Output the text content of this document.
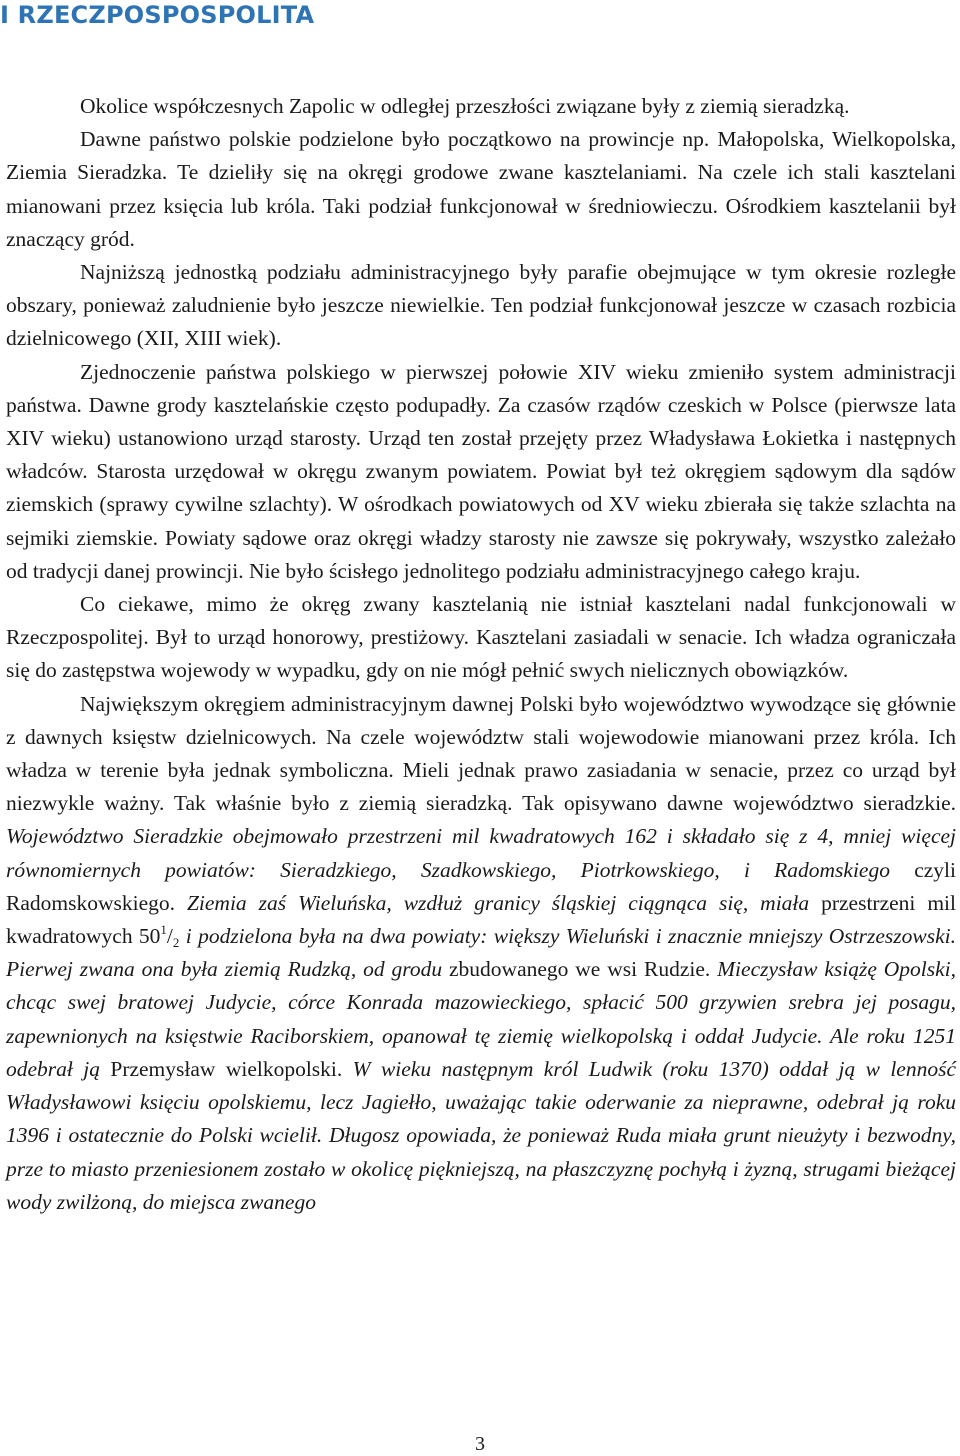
I RZECZPOSPOSPOLITA

Okolice współczesnych Zapolic w odległej przeszłości związane były z ziemią sieradzką.

Dawne państwo polskie podzielone było początkowo na prowincje np. Małopolska, Wielkopolska, Ziemia Sieradzka. Te dzieliły się na okręgi grodowe zwane kasztelaniami. Na czele ich stali kasztelani mianowani przez księcia lub króla. Taki podział funkcjonował w średniowieczu. Ośrodkiem kasztelanii był znaczący gród.

Najniższą jednostką podziału administracyjnego były parafie obejmujące w tym okresie rozległe obszary, ponieważ zaludnienie było jeszcze niewielkie. Ten podział funkcjonował jeszcze w czasach rozbicia dzielnicowego (XII, XIII wiek).

Zjednoczenie państwa polskiego w pierwszej połowie XIV wieku zmieniło system administracji państwa. Dawne grody kasztelańskie często podupadły. Za czasów rządów czeskich w Polsce (pierwsze lata XIV wieku) ustanowiono urząd starosty. Urząd ten został przejęty przez Władysława Łokietka i następnych władców. Starosta urzędował w okręgu zwanym powiatem. Powiat był też okręgiem sądowym dla sądów ziemskich (sprawy cywilne szlachty). W ośrodkach powiatowych od XV wieku zbierała się także szlachta na sejmiki ziemskie. Powiaty sądowe oraz okręgi władzy starosty nie zawsze się pokrywały, wszystko zależało od tradycji danej prowincji. Nie było ścisłego jednolitego podziału administracyjnego całego kraju.

Co ciekawe, mimo że okręg zwany kasztelanią nie istniał kasztelani nadal funkcjonowali w Rzeczpospolitej. Był to urząd honorowy, prestiżowy. Kasztelani zasiadali w senacie. Ich władza ograniczała się do zastępstwa wojewody w wypadku, gdy on nie mógł pełnić swych nielicznych obowiązków.

Największym okręgiem administracyjnym dawnej Polski było województwo wywodzące się głównie z dawnych księstw dzielnicowych. Na czele województw stali wojewodowie mianowani przez króla. Ich władza w terenie była jednak symboliczna. Mieli jednak prawo zasiadania w senacie, przez co urząd był niezwykle ważny. Tak właśnie było z ziemią sieradzką. Tak opisywano dawne województwo sieradzkie. Województwo Sieradzkie obejmowało przestrzeni mil kwadratowych 162 i składało się z 4, mniej więcej równomiernych powiatów: Sieradzkiego, Szadkowskiego, Piotrkowskiego, i Radomskiego czyli Radomskowskiego. Ziemia zaś Wieluńska, wzdłuż granicy śląskiej ciągnąca się, miała przestrzeni mil kwadratowych $50^1/_2$ i podzielona była na dwa powiaty: większy Wieluński i znacznie mniejszy Ostrzeszowski. Pierwej zwana ona była ziemią Rudzką, od grodu zbudowanego we wsi Rudzie. Mieczysław książę Opolski, chcąc swej bratowej Judycie, córce Konrada mazowieckiego, spłacić 500 grzywien srebra jej posagu, zapewnionych na księstwie Raciborskiem, opanował tę ziemię wielkopolską i oddał Judycie. Ale roku 1251 odebrał ją Przemysław wielkopolski. W wieku następnym król Ludwik (roku 1370) oddał ją w lenność Władysławowi księciu opolskiemu, lecz Jagiełło, uważając takie oderwanie za nieprawne, odebrał ją roku 1396 i ostatecznie do Polski wcielił. Długosz opowiada, że ponieważ Ruda miała grunt nieużyty i bezwodny, prze to miasto przeniesionem zostało w okolicę piękniejszą, na płaszczyznę pochyłą i żyzną, strugami bieżącej wody zwilżoną, do miejsca zwanego

3
